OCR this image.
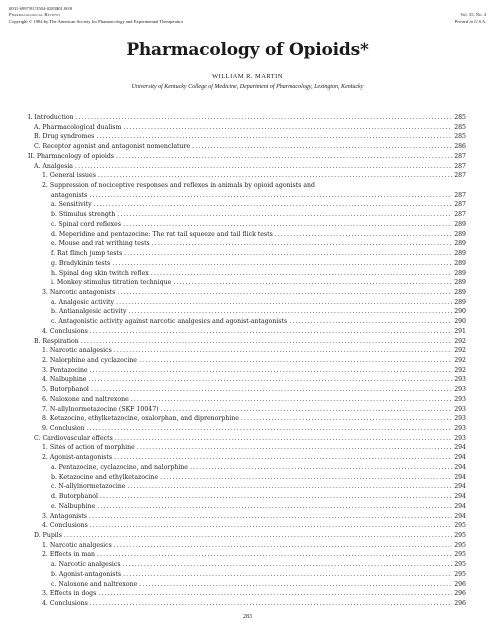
0031-6997/81/3504-0283$01.00/0
Pharmacological Reviews
Copyright © 1984 by The American Society for Pharmacology and Experimental Therapeutics

Vol. 35, No. 4
Printed in U.S.A.
Pharmacology of Opioids*
WILLIAM R. MARTIN
University of Kentucky College of Medicine, Department of Pharmacology, Lexington, Kentucky
I. Introduction .....	285
A. Pharmacological dualism .....	285
B. Drug syndromes .....	285
C. Receptor agonist and antagonist nomenclature .....	286
II. Pharmacology of opioids .....	287
A. Analgesia .....	287
1. General issues .....	287
2. Suppression of nociceptive responses and reflexes in animals by opioid agonists and
antagonists .....	287
a. Sensitivity .....	287
b. Stimulus strength .....	287
c. Spinal cord reflexes .....	289
d. Meperidine and pentazocine: The rat tail squeeze and tail flick tests .....	289
e. Mouse and rat writhing tests .....	289
f. Rat flinch jump tests .....	289
g. Bradykinin tests .....	289
h. Spinal dog skin twitch reflex .....	289
i. Monkey stimulus titration technique .....	289
3. Narcotic antagonists .....	289
a. Analgesic activity .....	289
b. Antianalgesic activity .....	290
c. Antagonistic activity against narcotic analgesics and agonist-antagonists .....	290
4. Conclusions .....	291
B. Respiration .....	292
1. Narcotic analgesics .....	292
2. Nalorphine and cyclazocine .....	292
3. Pentazocine .....	292
4. Nalbuphine .....	293
5. Butorphanol .....	293
6. Naloxone and naltrexone .....	293
7. N-allylnormetazocine (SKF 10047) .....	293
8. Ketazocine, ethylketazocine, oxalorphan, and diprenorphine .....	293
9. Conclusion .....	293
C. Cardiovascular effects .....	293
1. Sites of action of morphine .....	294
2. Agonist-antagonists .....	294
a. Pentazocine, cyclazocine, and nalorphine .....	294
b. Ketazocine and ethylketazocine .....	294
c. N-allylnormetazocine .....	294
d. Butorphanol .....	294
e. Nalbuphine .....	294
3. Antagonists .....	294
4. Conclusions .....	295
D. Pupils .....	295
1. Narcotic analgesics .....	295
2. Effects in man .....	295
a. Narcotic analgesics .....	295
b. Agonist-antagonists .....	295
c. Naloxone and naltrexone .....	296
3. Effects in dogs .....	296
4. Conclusions .....	296
283
